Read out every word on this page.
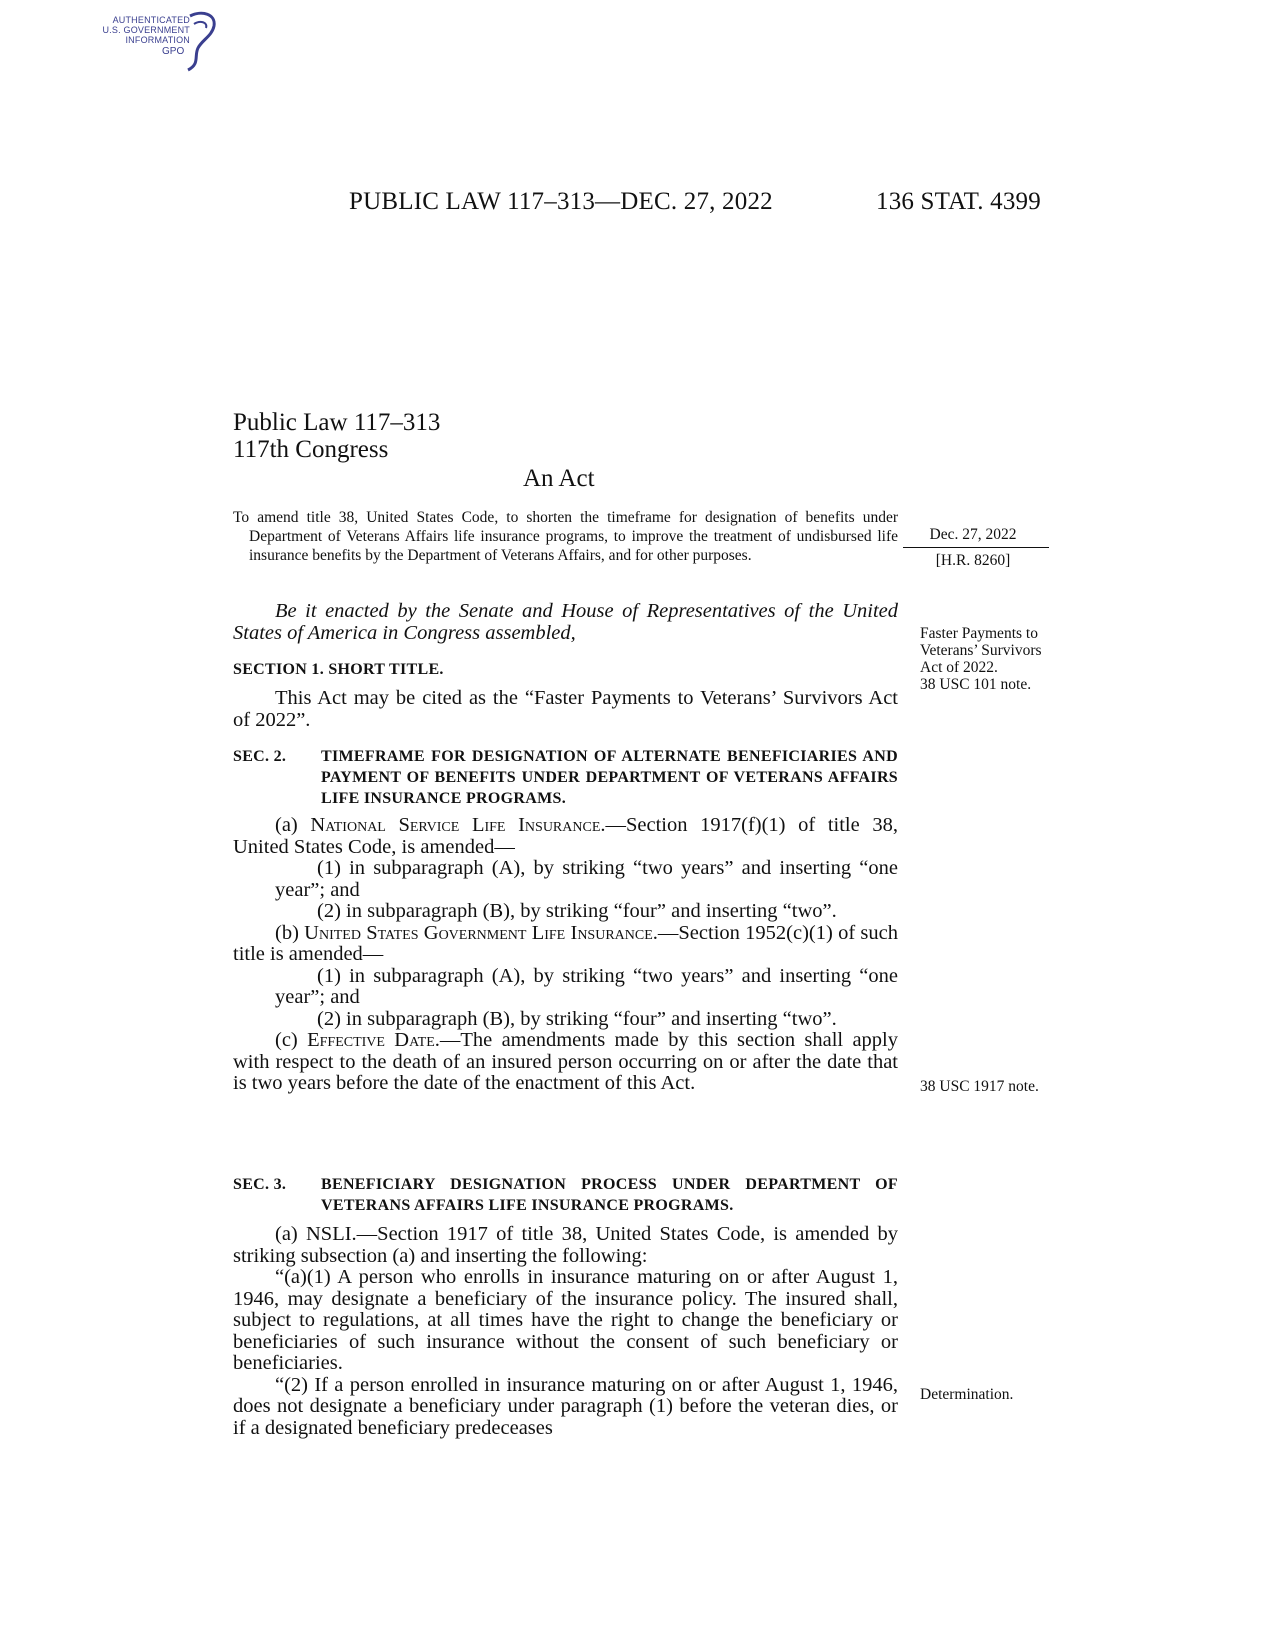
AUTHENTICATED
U.S. GOVERNMENT
INFORMATION
GPO
PUBLIC LAW 117–313—DEC. 27, 2022	136 STAT. 4399
Public Law 117–313
117th Congress
An Act
To amend title 38, United States Code, to shorten the timeframe for designation of benefits under Department of Veterans Affairs life insurance programs, to improve the treatment of undisbursed life insurance benefits by the Department of Veterans Affairs, and for other purposes.
Dec. 27, 2022
[H.R. 8260]
Faster Payments to Veterans’ Survivors Act of 2022.
38 USC 101 note.
38 USC 1917 note.
Determination.
Be it enacted by the Senate and House of Representatives of the United States of America in Congress assembled,
SECTION 1. SHORT TITLE.
This Act may be cited as the “Faster Payments to Veterans’ Survivors Act of 2022”.
SEC. 2.	TIMEFRAME FOR DESIGNATION OF ALTERNATE BENEFICIARIES AND PAYMENT OF BENEFITS UNDER DEPARTMENT OF VETERANS AFFAIRS LIFE INSURANCE PROGRAMS.

(a) National Service Life Insurance.—Section 1917(f)(1) of title 38, United States Code, is amended—

(1) in subparagraph (A), by striking “two years” and inserting “one year”; and

(2) in subparagraph (B), by striking “four” and inserting “two”.

(b) United States Government Life Insurance.—Section 1952(c)(1) of such title is amended—

(1) in subparagraph (A), by striking “two years” and inserting “one year”; and

(2) in subparagraph (B), by striking “four” and inserting “two”.

(c) Effective Date.—The amendments made by this section shall apply with respect to the death of an insured person occurring on or after the date that is two years before the date of the enactment of this Act.

SEC. 3.	BENEFICIARY DESIGNATION PROCESS UNDER DEPARTMENT OF VETERANS AFFAIRS LIFE INSURANCE PROGRAMS.

(a) NSLI.—Section 1917 of title 38, United States Code, is amended by striking subsection (a) and inserting the following:

“(a)(1) A person who enrolls in insurance maturing on or after August 1, 1946, may designate a beneficiary of the insurance policy. The insured shall, subject to regulations, at all times have the right to change the beneficiary or beneficiaries of such insurance without the consent of such beneficiary or beneficiaries.

“(2) If a person enrolled in insurance maturing on or after August 1, 1946, does not designate a beneficiary under paragraph (1) before the veteran dies, or if a designated beneficiary predeceases
